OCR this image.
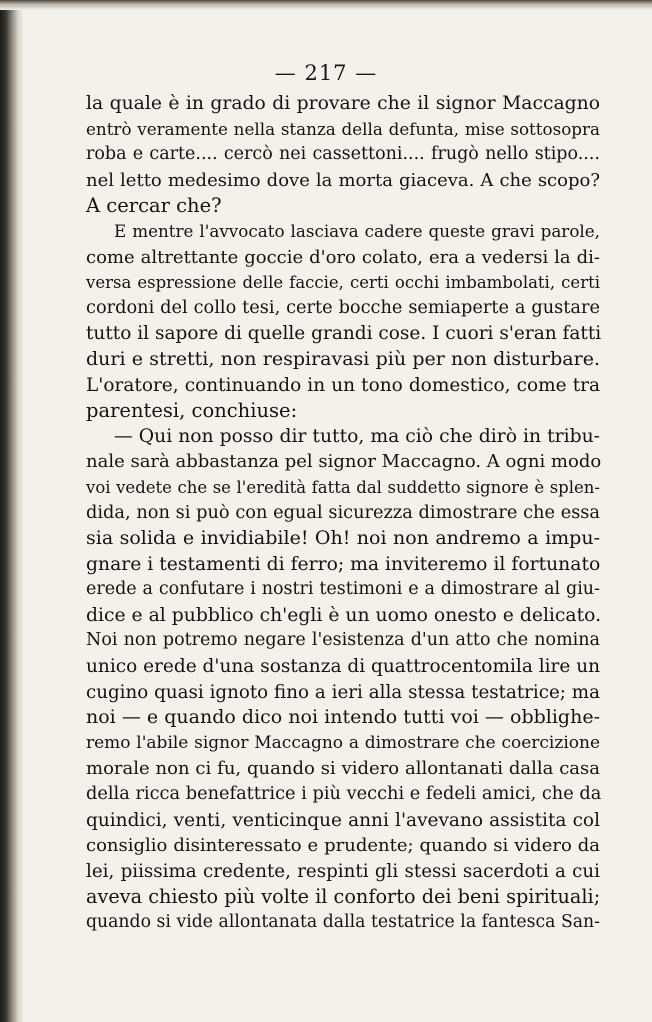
— 217 —
la quale è in grado di provare che il signor Maccagno
entrò veramente nella stanza della defunta, mise sottosopra
roba e carte.... cercò nei cassettoni.... frugò nello stipo....
nel letto medesimo dove la morta giaceva. A che scopo?
A cercar che?
E mentre l'avvocato lasciava cadere queste gravi parole,
come altrettante goccie d'oro colato, era a vedersi la di-
versa espressione delle faccie, certi occhi imbambolati, certi
cordoni del collo tesi, certe bocche semiaperte a gustare
tutto il sapore di quelle grandi cose. I cuori s'eran fatti
duri e stretti, non respiravasi più per non disturbare.
L'oratore, continuando in un tono domestico, come tra
parentesi, conchiuse:
— Qui non posso dir tutto, ma ciò che dirò in tribu-
nale sarà abbastanza pel signor Maccagno. A ogni modo
voi vedete che se l'eredità fatta dal suddetto signore è splen-
dida, non si può con egual sicurezza dimostrare che essa
sia solida e invidiabile! Oh! noi non andremo a impu-
gnare i testamenti di ferro; ma inviteremo il fortunato
erede a confutare i nostri testimoni e a dimostrare al giu-
dice e al pubblico ch'egli è un uomo onesto e delicato.
Noi non potremo negare l'esistenza d'un atto che nomina
unico erede d'una sostanza di quattrocentomila lire un
cugino quasi ignoto fino a ieri alla stessa testatrice; ma
noi — e quando dico noi intendo tutti voi — obblighe-
remo l'abile signor Maccagno a dimostrare che coercizione
morale non ci fu, quando si videro allontanati dalla casa
della ricca benefattrice i più vecchi e fedeli amici, che da
quindici, venti, venticinque anni l'avevano assistita col
consiglio disinteressato e prudente; quando si videro da
lei, piissima credente, respinti gli stessi sacerdoti a cui
aveva chiesto più volte il conforto dei beni spirituali;
quando si vide allontanata dalla testatrice la fantesca San-
